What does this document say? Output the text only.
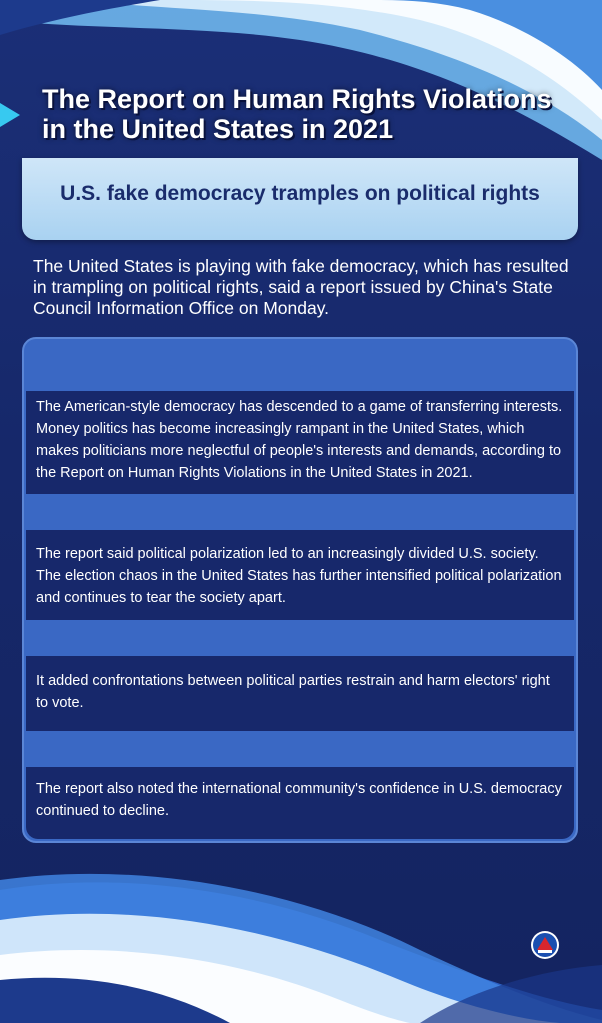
The Report on Human Rights Violations in the United States in 2021
U.S. fake democracy tramples on political rights

The United States is playing with fake democracy, which has resulted in trampling on political rights, said a report issued by China's State Council Information Office on Monday.

The American-style democracy has descended to a game of transferring interests. Money politics has become increasingly rampant in the United States, which makes politicians more neglectful of people's interests and demands, according to the Report on Human Rights Violations in the United States in 2021.

The report said political polarization led to an increasingly divided U.S. society. The election chaos in the United States has further intensified political polarization and continues to tear the society apart.

It added confrontations between political parties restrain and harm electors' right to vote.

The report also noted the international community's confidence in U.S. democracy continued to decline.
